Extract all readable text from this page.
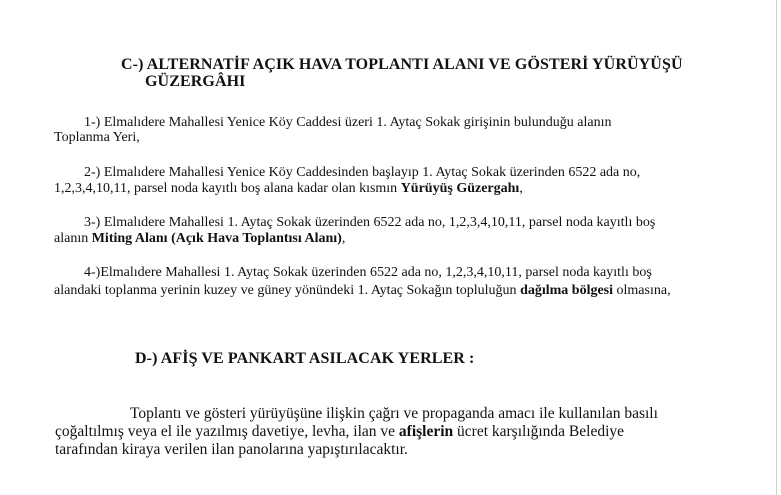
C-) ALTERNATİF AÇIK HAVA TOPLANTI ALANI VE GÖSTERİ YÜRÜYÜŞÜ
GÜZERGÂHI
1-) Elmalıdere Mahallesi Yenice Köy Caddesi üzeri 1. Aytaç Sokak girişinin bulunduğu alanın
Toplanma Yeri,
2-) Elmalıdere Mahallesi Yenice Köy Caddesinden başlayıp 1. Aytaç Sokak üzerinden 6522 ada no,
1,2,3,4,10,11, parsel noda kayıtlı boş alana kadar olan kısmın Yürüyüş Güzergahı,
3-) Elmalıdere Mahallesi 1. Aytaç Sokak üzerinden 6522 ada no, 1,2,3,4,10,11, parsel noda kayıtlı boş
alanın Miting Alanı (Açık Hava Toplantısı Alanı),
4-)Elmalıdere Mahallesi 1. Aytaç Sokak üzerinden 6522 ada no, 1,2,3,4,10,11, parsel noda kayıtlı boş
alandaki toplanma yerinin kuzey ve güney yönündeki 1. Aytaç Sokağın topluluğun dağılma bölgesi olmasına,
D-) AFİŞ VE PANKART ASILACAK YERLER :
Toplantı ve gösteri yürüyüşüne ilişkin çağrı ve propaganda amacı ile kullanılan basılı
çoğaltılmış veya el ile yazılmış davetiye, levha, ilan ve afişlerin ücret karşılığında Belediye
tarafından kiraya verilen ilan panolarına yapıştırılacaktır.
